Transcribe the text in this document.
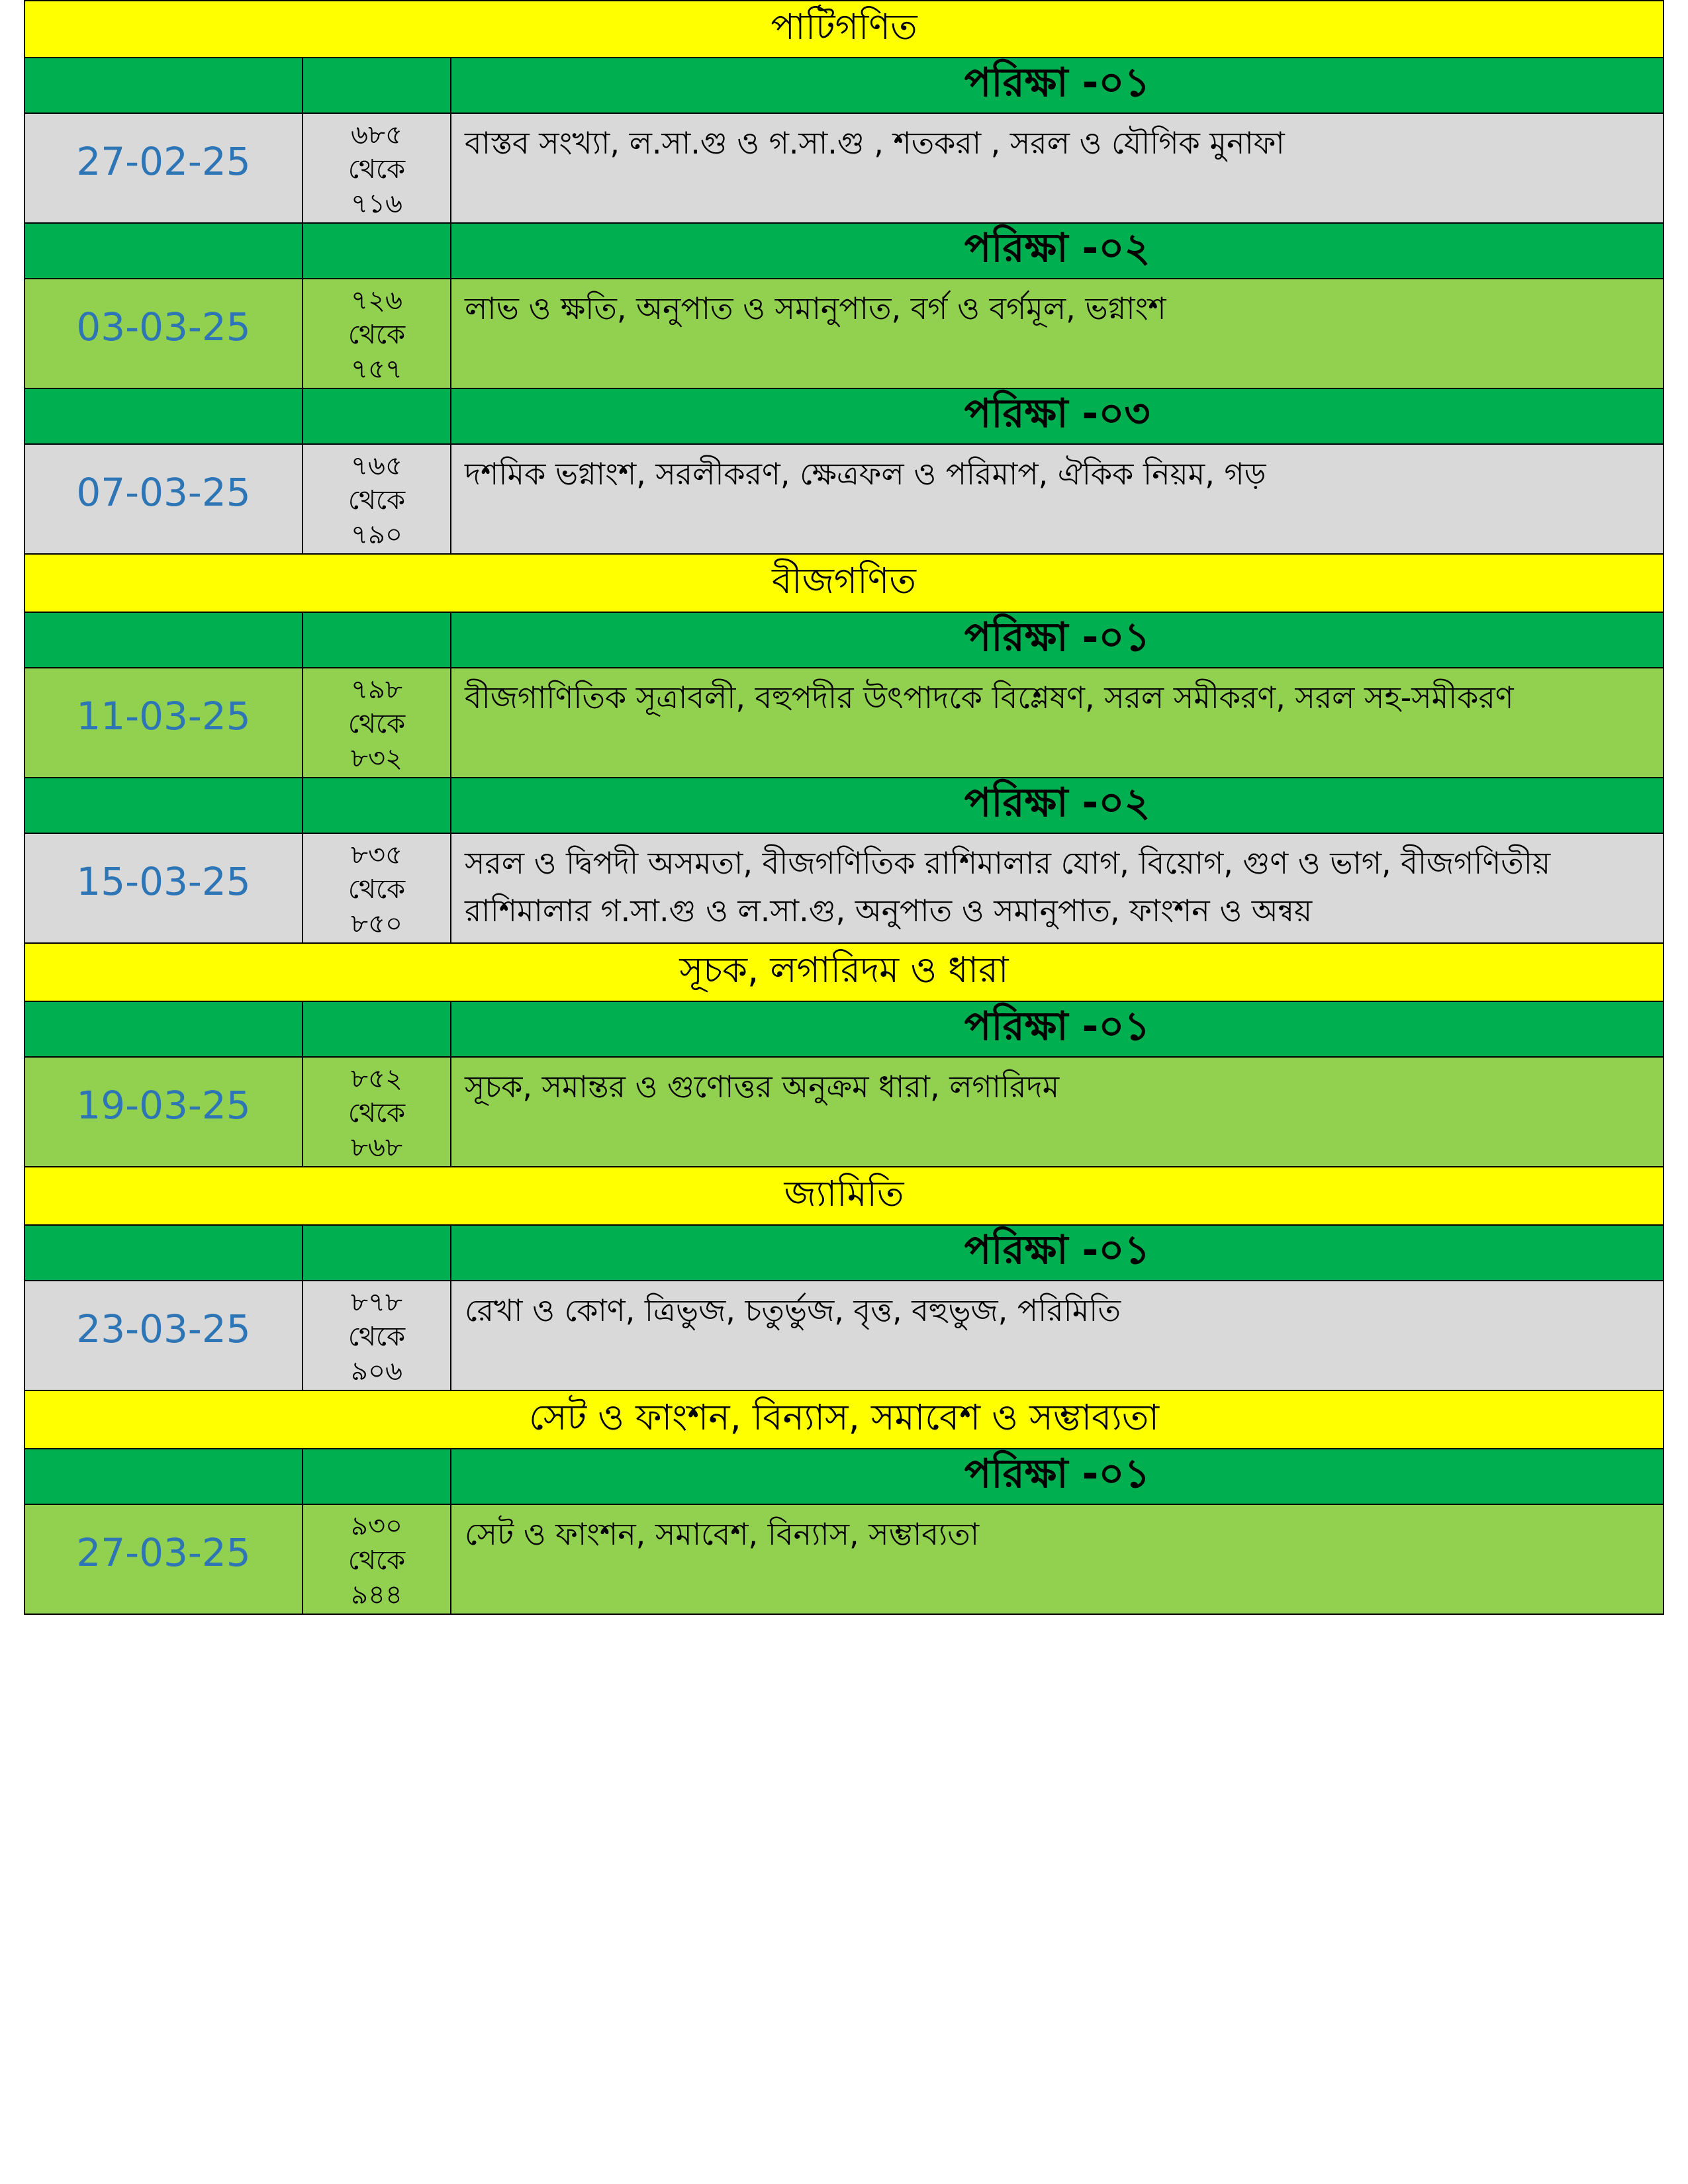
পাটিগণিত
পরিক্ষা -০১
27-02-25
৬৮৫
থেকে
৭১৬
বাস্তব সংখ্যা, ল.সা.গু ও গ.সা.গু , শতকরা , সরল ও যৌগিক মুনাফা
পরিক্ষা -০২
03-03-25
৭২৬
থেকে
৭৫৭
লাভ ও ক্ষতি, অনুপাত ও সমানুপাত, বর্গ ও বর্গমূল, ভগ্নাংশ
পরিক্ষা -০৩
07-03-25
৭৬৫
থেকে
৭৯০
দশমিক ভগ্নাংশ, সরলীকরণ, ক্ষেত্রফল ও পরিমাপ, ঐকিক নিয়ম, গড়
বীজগণিত
পরিক্ষা -০১
11-03-25
৭৯৮
থেকে
৮৩২
বীজগাণিতিক সূত্রাবলী, বহুপদীর উৎপাদকে বিশ্লেষণ, সরল সমীকরণ, সরল সহ-সমীকরণ
পরিক্ষা -০২
15-03-25
৮৩৫
থেকে
৮৫০
সরল ও দ্বিপদী অসমতা, বীজগণিতিক রাশিমালার যোগ, বিয়োগ, গুণ ও ভাগ, বীজগণিতীয় রাশিমালার গ.সা.গু ও ল.সা.গু, অনুপাত ও সমানুপাত, ফাংশন ও অন্বয়
সূচক, লগারিদম ও ধারা
পরিক্ষা -০১
19-03-25
৮৫২
থেকে
৮৬৮
সূচক, সমান্তর ও গুণোত্তর অনুক্রম ধারা, লগারিদম
জ্যামিতি
পরিক্ষা -০১
23-03-25
৮৭৮
থেকে
৯০৬
রেখা ও কোণ, ত্রিভুজ, চতুর্ভুজ, বৃত্ত, বহুভুজ, পরিমিতি
সেট ও ফাংশন, বিন্যাস, সমাবেশ ও সম্ভাব্যতা
পরিক্ষা -০১
27-03-25
৯৩০
থেকে
৯৪৪
সেট ও ফাংশন, সমাবেশ, বিন্যাস, সম্ভাব্যতা
